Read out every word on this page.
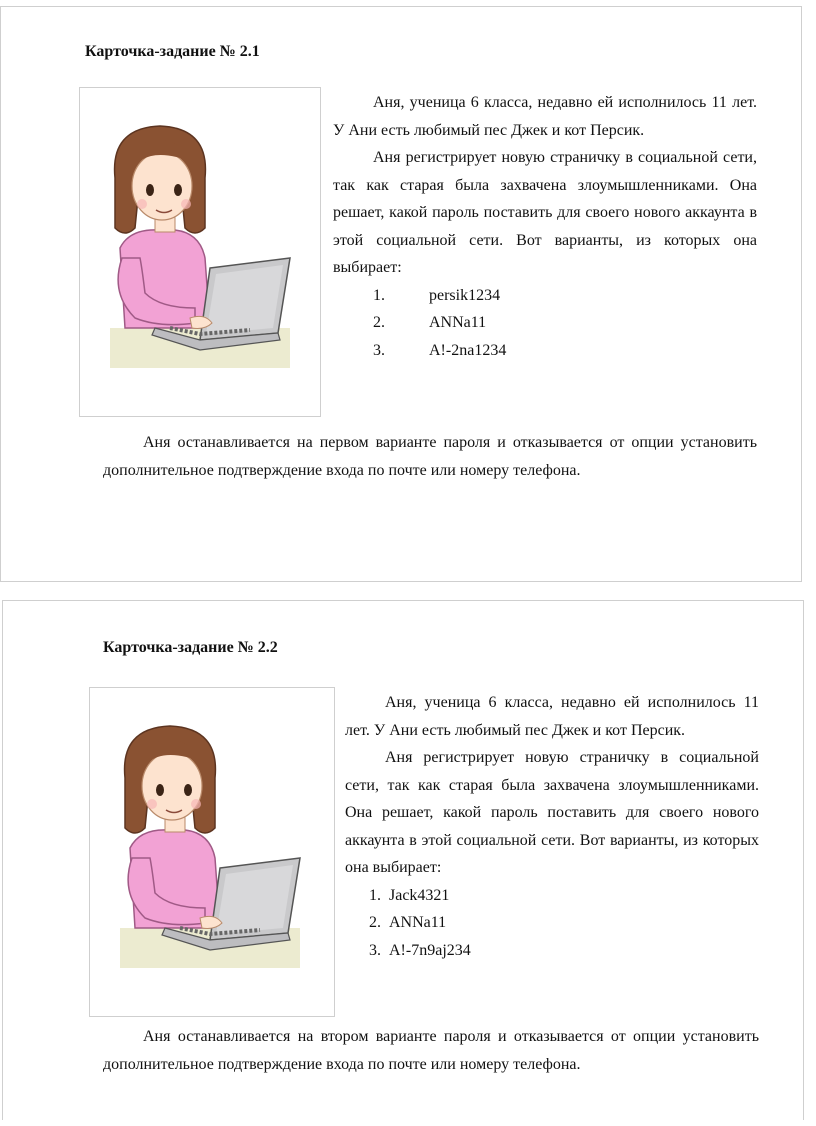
Карточка-задание № 2.1

Аня, ученица 6 класса, недавно ей исполнилось 11 лет. У Ани есть любимый пес Джек и кот Персик.

Аня регистрирует новую страничку в социальной сети, так как старая была захвачена злоумышленниками. Она решает, какой пароль поставить для своего нового аккаунта в этой социальной сети. Вот варианты, из которых она выбирает:

1.	persik1234
2.	ANNa11
3.	A!-2na1234
Аня останавливается на первом варианте пароля и отказывается от опции установить дополнительное подтверждение входа по почте или номеру телефона.
Карточка-задание № 2.2

Аня, ученица 6 класса, недавно ей исполнилось 11 лет. У Ани есть любимый пес Джек и кот Персик.

Аня регистрирует новую страничку в социальной сети, так как старая была захвачена злоумышленниками. Она решает, какой пароль поставить для своего нового аккаунта в этой социальной сети. Вот варианты, из которых она выбирает:

1. Jack4321
2. ANNa11
3. A!-7n9aj234
Аня останавливается на втором варианте пароля и отказывается от опции установить дополнительное подтверждение входа по почте или номеру телефона.
